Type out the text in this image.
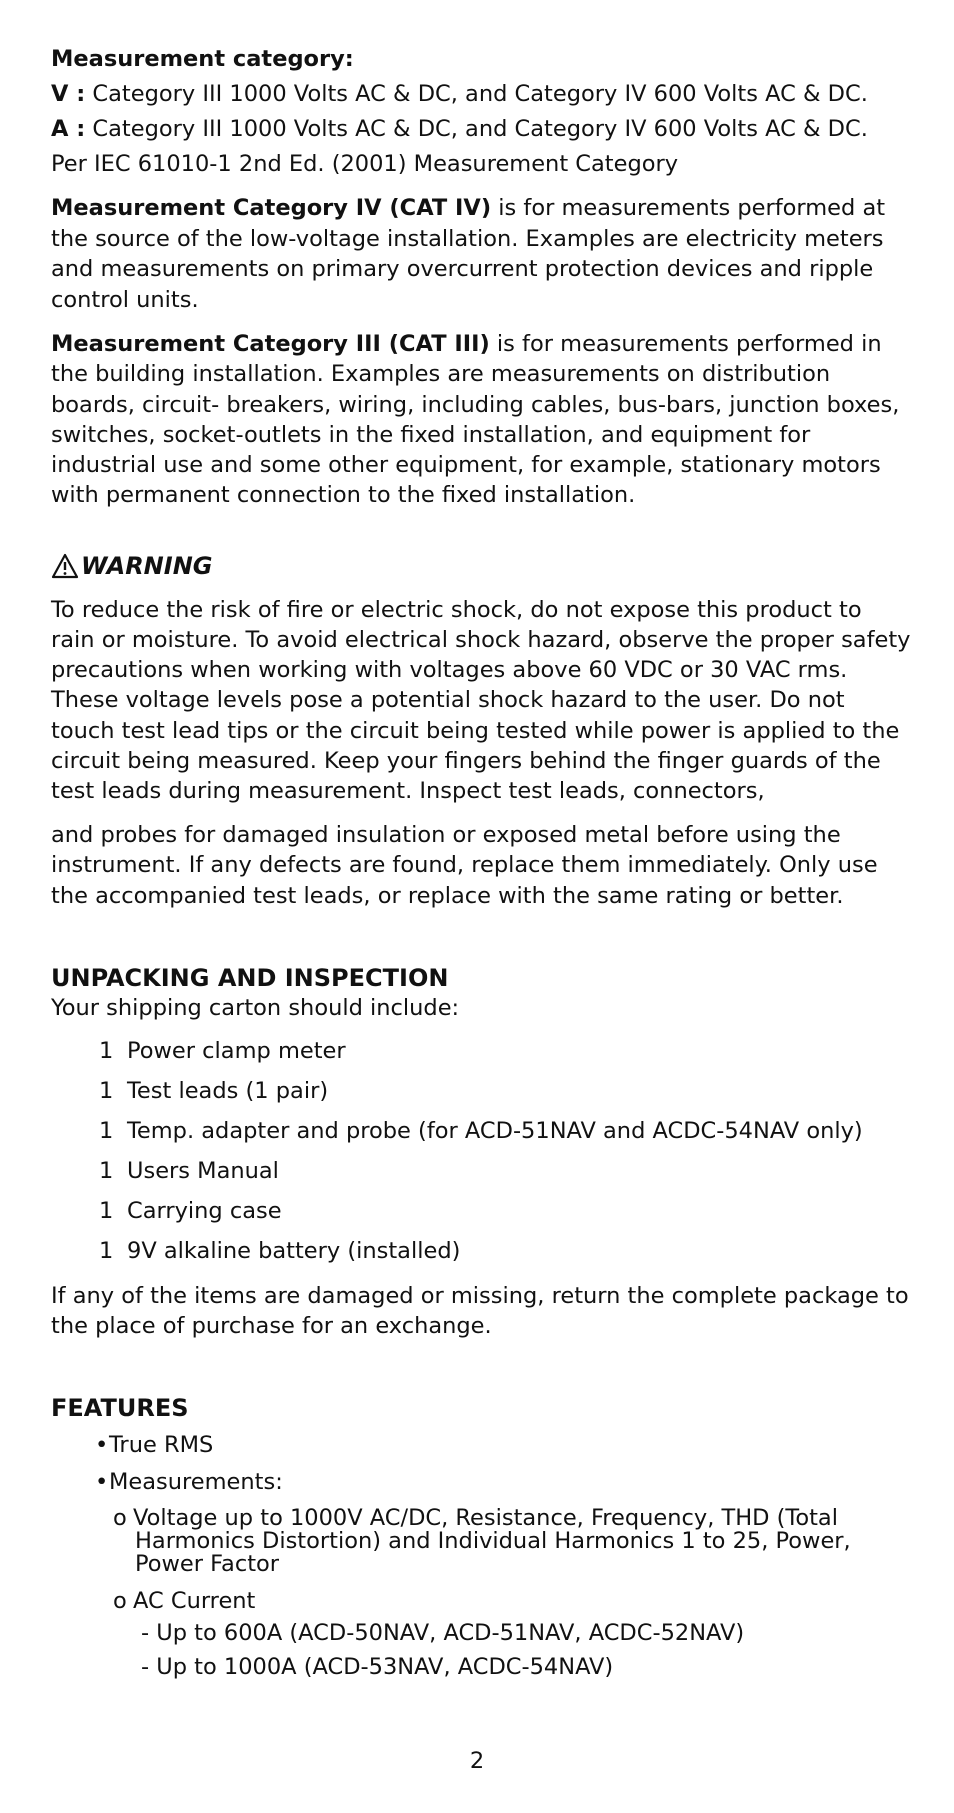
Measurement category:

V : Category III 1000 Volts AC & DC, and Category IV 600 Volts AC & DC.

A : Category III 1000 Volts AC & DC, and Category IV 600 Volts AC & DC.

Per IEC 61010-1 2nd Ed. (2001) Measurement Category

Measurement Category IV (CAT IV) is for measurements performed at the source of the low-voltage installation. Examples are electricity meters and measurements on primary overcurrent protection devices and ripple control units.

Measurement Category III (CAT III) is for measurements performed in the building installation. Examples are measurements on distribution boards, circuit- breakers, wiring, including cables, bus-bars, junction boxes, switches, socket-outlets in the fixed installation, and equipment for industrial use and some other equipment, for example, stationary motors with permanent connection to the fixed installation.

WARNING

To reduce the risk of fire or electric shock, do not expose this product to rain or moisture. To avoid electrical shock hazard, observe the proper safety precautions when working with voltages above 60 VDC or 30 VAC rms. These voltage levels pose a potential shock hazard to the user. Do not touch test lead tips or the circuit being tested while power is applied to the circuit being measured. Keep your fingers behind the finger guards of the test leads during measurement. Inspect test leads, connectors,

and probes for damaged insulation or exposed metal before using the instrument. If any defects are found, replace them immediately. Only use the accompanied test leads, or replace with the same rating or better.

UNPACKING AND INSPECTION

Your shipping carton should include:

1 Power clamp meter
1 Test leads (1 pair)
1 Temp. adapter and probe (for ACD-51NAV and ACDC-54NAV only)
1 Users Manual
1 Carrying case
1 9V alkaline battery (installed)

If any of the items are damaged or missing, return the complete package to the place of purchase for an exchange.

FEATURES

• True RMS
• Measurements:
o Voltage up to 1000V AC/DC, Resistance, Frequency, THD (Total
Harmonics Distortion) and Individual Harmonics 1 to 25, Power,
Power Factor
o AC Current
- Up to 600A (ACD-50NAV, ACD-51NAV, ACDC-52NAV)
- Up to 1000A (ACD-53NAV, ACDC-54NAV)
2
